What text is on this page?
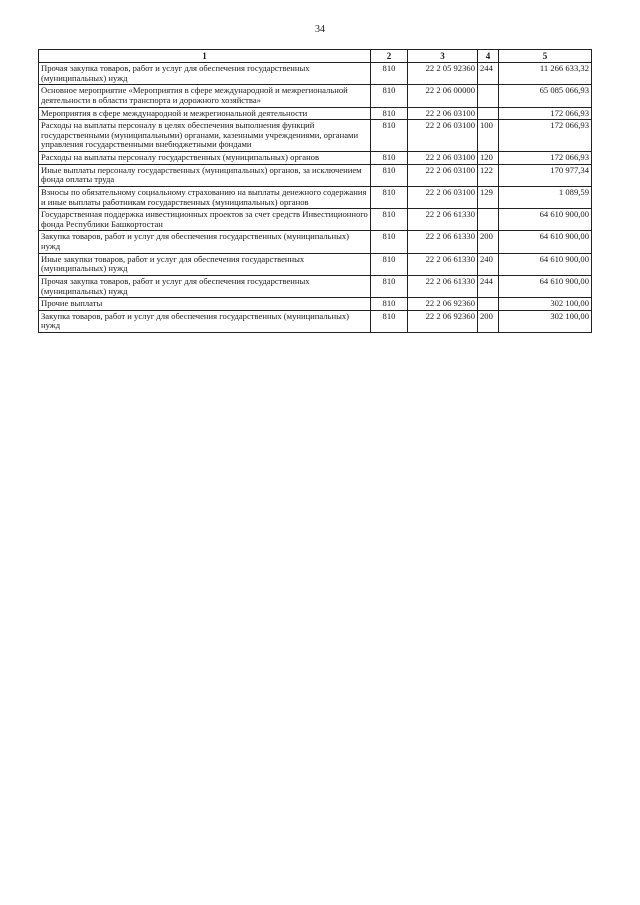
34
1	2	3	4	5
Прочая закупка товаров, работ и услуг для обеспечения государственных (муниципальных) нужд	810	22 2 05 92360	244	11 266 633,32
Основное мероприятие «Мероприятия в сфере международной и межрегиональной деятельности в области транспорта и дорожного хозяйства»	810	22 2 06 00000		65 085 066,93
Мероприятия в сфере международной и межрегиональной деятельности	810	22 2 06 03100		172 066,93
Расходы на выплаты персоналу в целях обеспечения выполнения функций государственными (муниципальными) органами, казенными учреждениями, органами управления государственными внебюджетными фондами	810	22 2 06 03100	100	172 066,93
Расходы на выплаты персоналу государственных (муниципальных) органов	810	22 2 06 03100	120	172 066,93
Иные выплаты персоналу государственных (муниципальных) органов, за исключением фонда оплаты труда	810	22 2 06 03100	122	170 977,34
Взносы по обязательному социальному страхованию на выплаты денежного содержания и иные выплаты работникам государственных (муниципальных) органов	810	22 2 06 03100	129	1 089,59
Государственная поддержка инвестиционных проектов за счет средств Инвестиционного фонда Республики Башкортостан	810	22 2 06 61330		64 610 900,00
Закупка товаров, работ и услуг для обеспечения государственных (муниципальных) нужд	810	22 2 06 61330	200	64 610 900,00
Иные закупки товаров, работ и услуг для обеспечения государственных (муниципальных) нужд	810	22 2 06 61330	240	64 610 900,00
Прочая закупка товаров, работ и услуг для обеспечения государственных (муниципальных) нужд	810	22 2 06 61330	244	64 610 900,00
Прочие выплаты	810	22 2 06 92360		302 100,00
Закупка товаров, работ и услуг для обеспечения государственных (муниципальных) нужд	810	22 2 06 92360	200	302 100,00
